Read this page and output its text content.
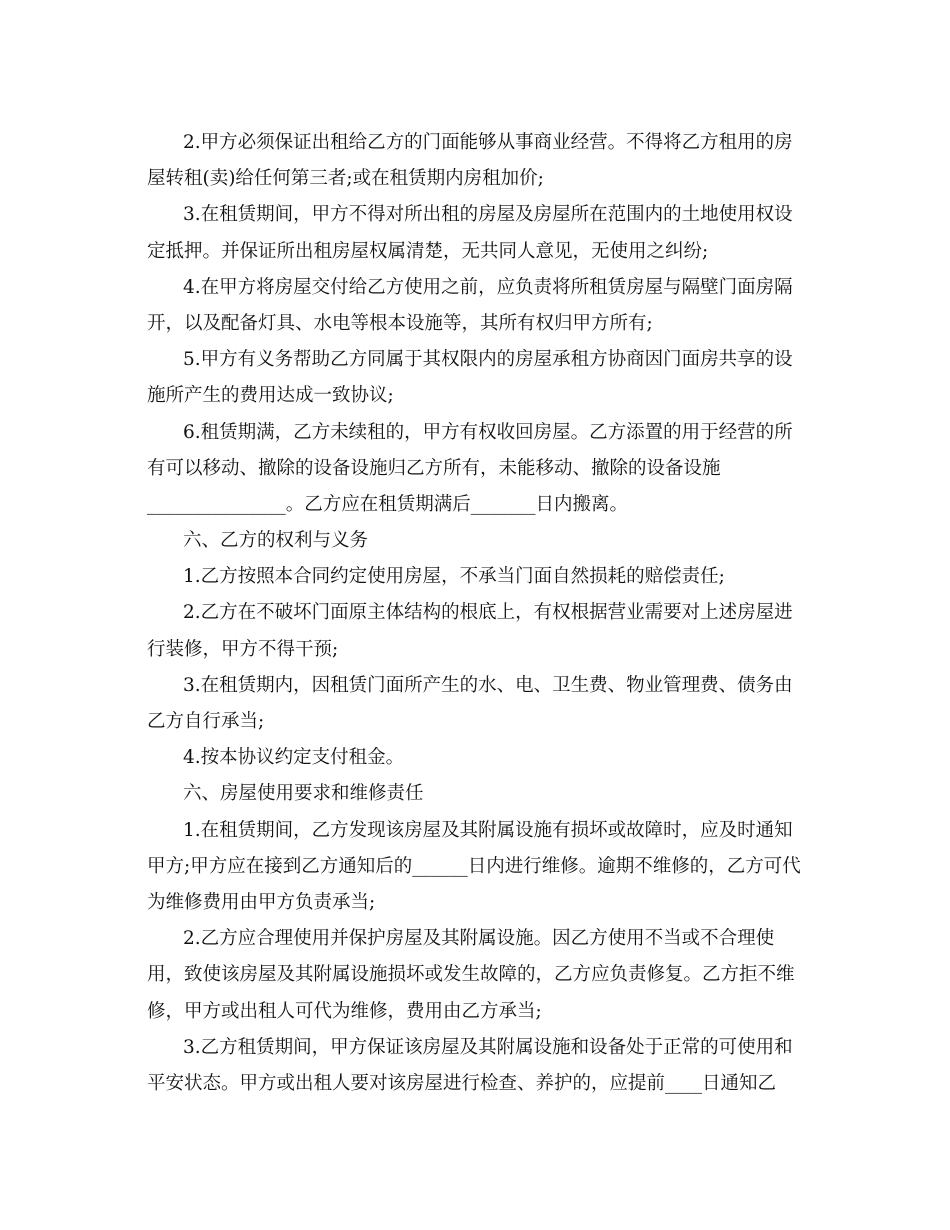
2.甲方必须保证出租给乙方的门面能够从事商业经营。不得将乙方租用的房
屋转租(卖)给任何第三者;或在租赁期内房租加价;
3.在租赁期间，甲方不得对所出租的房屋及房屋所在范围内的土地使用权设
定抵押。并保证所出租房屋权属清楚，无共同人意见，无使用之纠纷;
4.在甲方将房屋交付给乙方使用之前，应负责将所租赁房屋与隔壁门面房隔
开，以及配备灯具、水电等根本设施等，其所有权归甲方所有;
5.甲方有义务帮助乙方同属于其权限内的房屋承租方协商因门面房共享的设
施所产生的费用达成一致协议;
6.租赁期满，乙方未续租的，甲方有权收回房屋。乙方添置的用于经营的所
有可以移动、撤除的设备设施归乙方所有，未能移动、撤除的设备设施
_______________。乙方应在租赁期满后_______日内搬离。
六、乙方的权利与义务
1.乙方按照本合同约定使用房屋，不承当门面自然损耗的赔偿责任;
2.乙方在不破坏门面原主体结构的根底上，有权根据营业需要对上述房屋进
行装修，甲方不得干预;
3.在租赁期内，因租赁门面所产生的水、电、卫生费、物业管理费、债务由
乙方自行承当;
4.按本协议约定支付租金。
六、房屋使用要求和维修责任
1.在租赁期间，乙方发现该房屋及其附属设施有损坏或故障时，应及时通知
甲方;甲方应在接到乙方通知后的______日内进行维修。逾期不维修的，乙方可代
为维修费用由甲方负责承当;
2.乙方应合理使用并保护房屋及其附属设施。因乙方使用不当或不合理使
用，致使该房屋及其附属设施损坏或发生故障的，乙方应负责修复。乙方拒不维
修，甲方或出租人可代为维修，费用由乙方承当;
3.乙方租赁期间，甲方保证该房屋及其附属设施和设备处于正常的可使用和
平安状态。甲方或出租人要对该房屋进行检查、养护的，应提前____日通知乙
